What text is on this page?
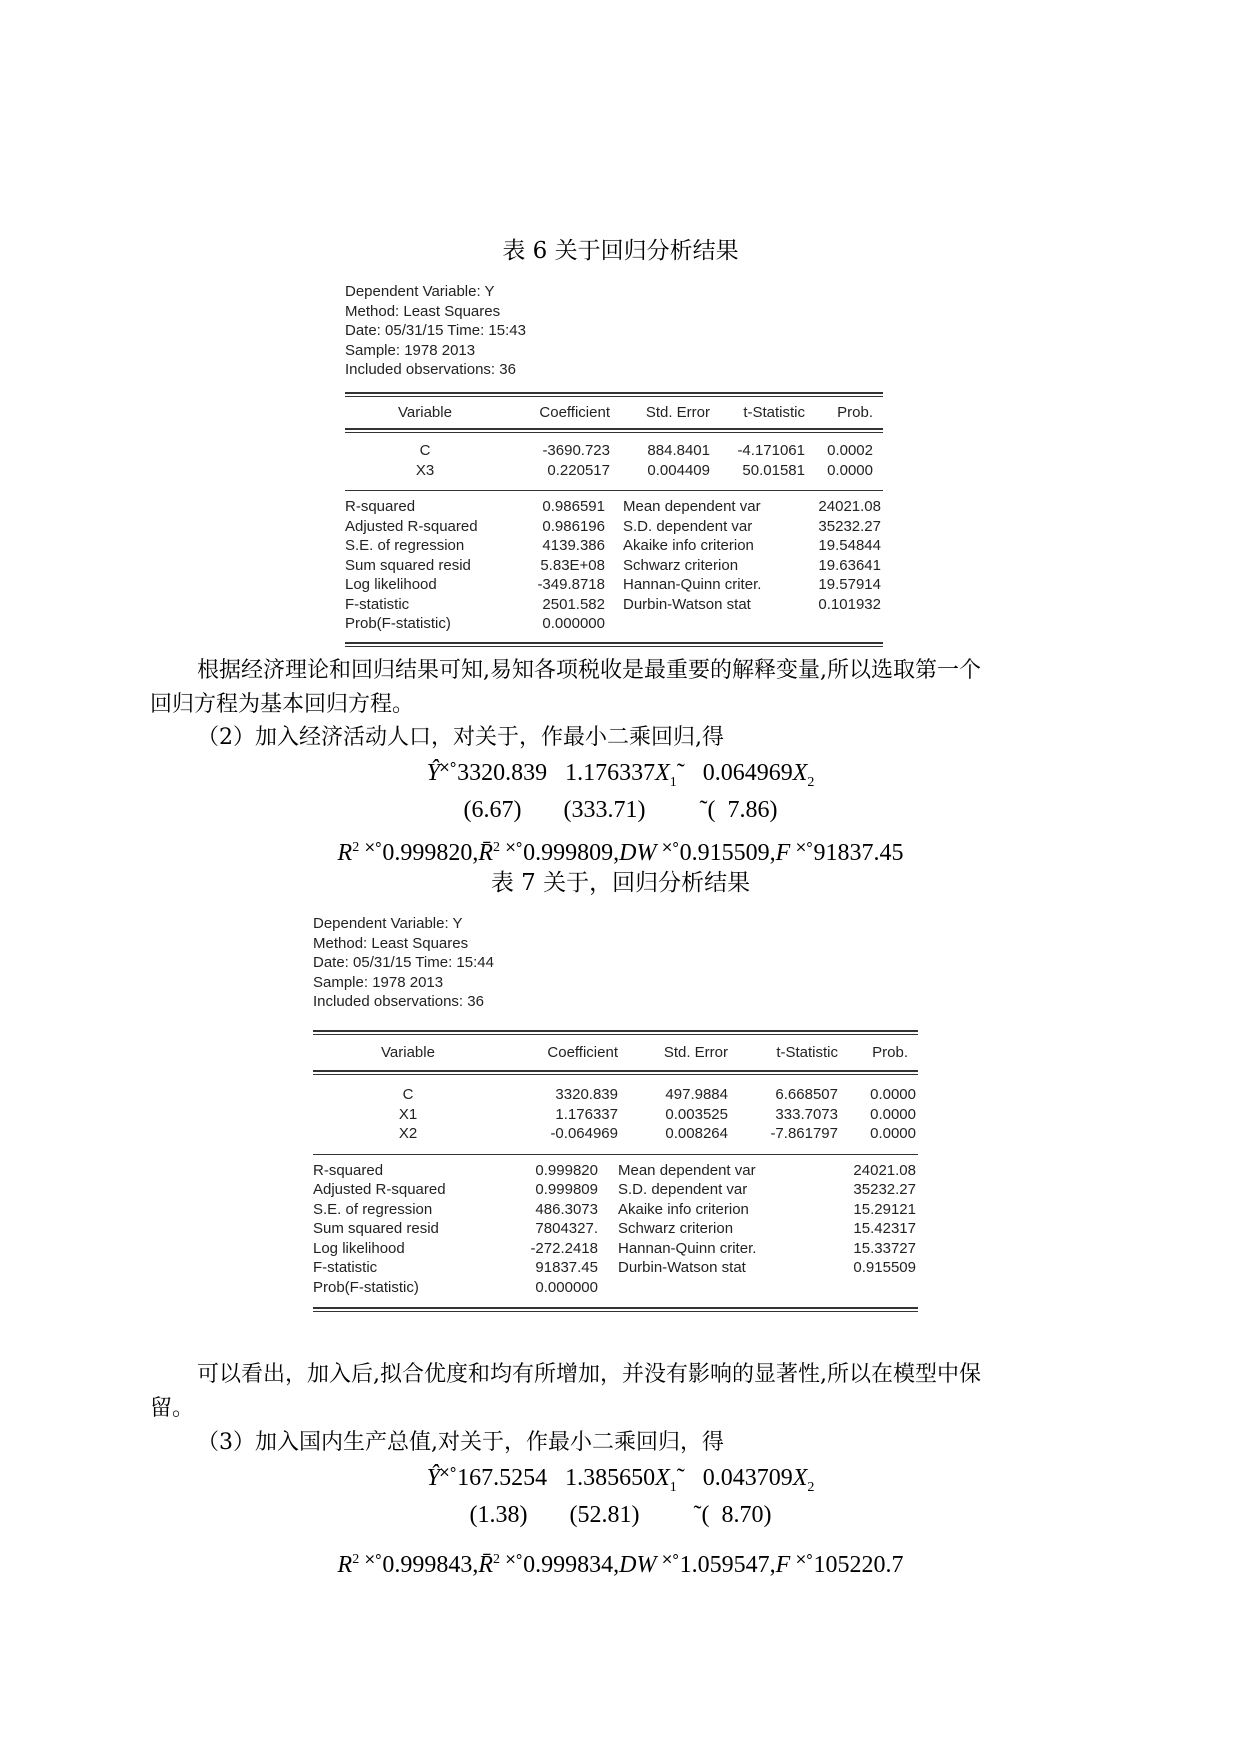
表 6 关于回归分析结果
Dependent Variable: Y
Method: Least Squares
Date: 05/31/15 Time: 15:43
Sample: 1978 2013
Included observations: 36
Variable	Coefficient	Std. Error	t-Statistic	Prob.
C	-3690.723	884.8401	-4.171061	0.0002
X3	0.220517	0.004409	50.01581	0.0000
R-squared	0.986591	Mean dependent var	24021.08
Adjusted R-squared	0.986196	S.D. dependent var	35232.27
S.E. of regression	4139.386	Akaike info criterion	19.54844
Sum squared resid	5.83E+08	Schwarz criterion	19.63641
Log likelihood	-349.8718	Hannan-Quinn criter.	19.57914
F-statistic	2501.582	Durbin-Watson stat	0.101932
Prob(F-statistic)	0.000000		
根据经济理论和回归结果可知,易知各项税收是最重要的解释变量,所以选取第一个
回归方程为基本回归方程。
（2）加入经济活动人口，对关于，作最小二乘回归,得
Ŷ˟˚3320.839 $1.176337X_1˜$ $0.064969X_2$
(6.67) (333.71) ˜( 7.86)
$R^2$ ˟˚0.999820,R̄$^2$ ˟˚0.999809,DW ˟˚0.915509,F ˟˚91837.45
表 7 关于，回归分析结果
Dependent Variable: Y
Method: Least Squares
Date: 05/31/15 Time: 15:44
Sample: 1978 2013
Included observations: 36
Variable	Coefficient	Std. Error	t-Statistic	Prob.
C	3320.839	497.9884	6.668507	0.0000
X1	1.176337	0.003525	333.7073	0.0000
X2	-0.064969	0.008264	-7.861797	0.0000
R-squared	0.999820	Mean dependent var	24021.08
Adjusted R-squared	0.999809	S.D. dependent var	35232.27
S.E. of regression	486.3073	Akaike info criterion	15.29121
Sum squared resid	7804327.	Schwarz criterion	15.42317
Log likelihood	-272.2418	Hannan-Quinn criter.	15.33727
F-statistic	91837.45	Durbin-Watson stat	0.915509
Prob(F-statistic)	0.000000		
可以看出，加入后,拟合优度和均有所增加，并没有影响的显著性,所以在模型中保
留。
（3）加入国内生产总值,对关于，作最小二乘回归，得
Ŷ˟˚167.5254 $1.385650X_1˜$ $0.043709X_2$
(1.38) (52.81) ˜( 8.70)
$R^2$ ˟˚0.999843,R̄$^2$ ˟˚0.999834,DW ˟˚1.059547,F ˟˚105220.7
